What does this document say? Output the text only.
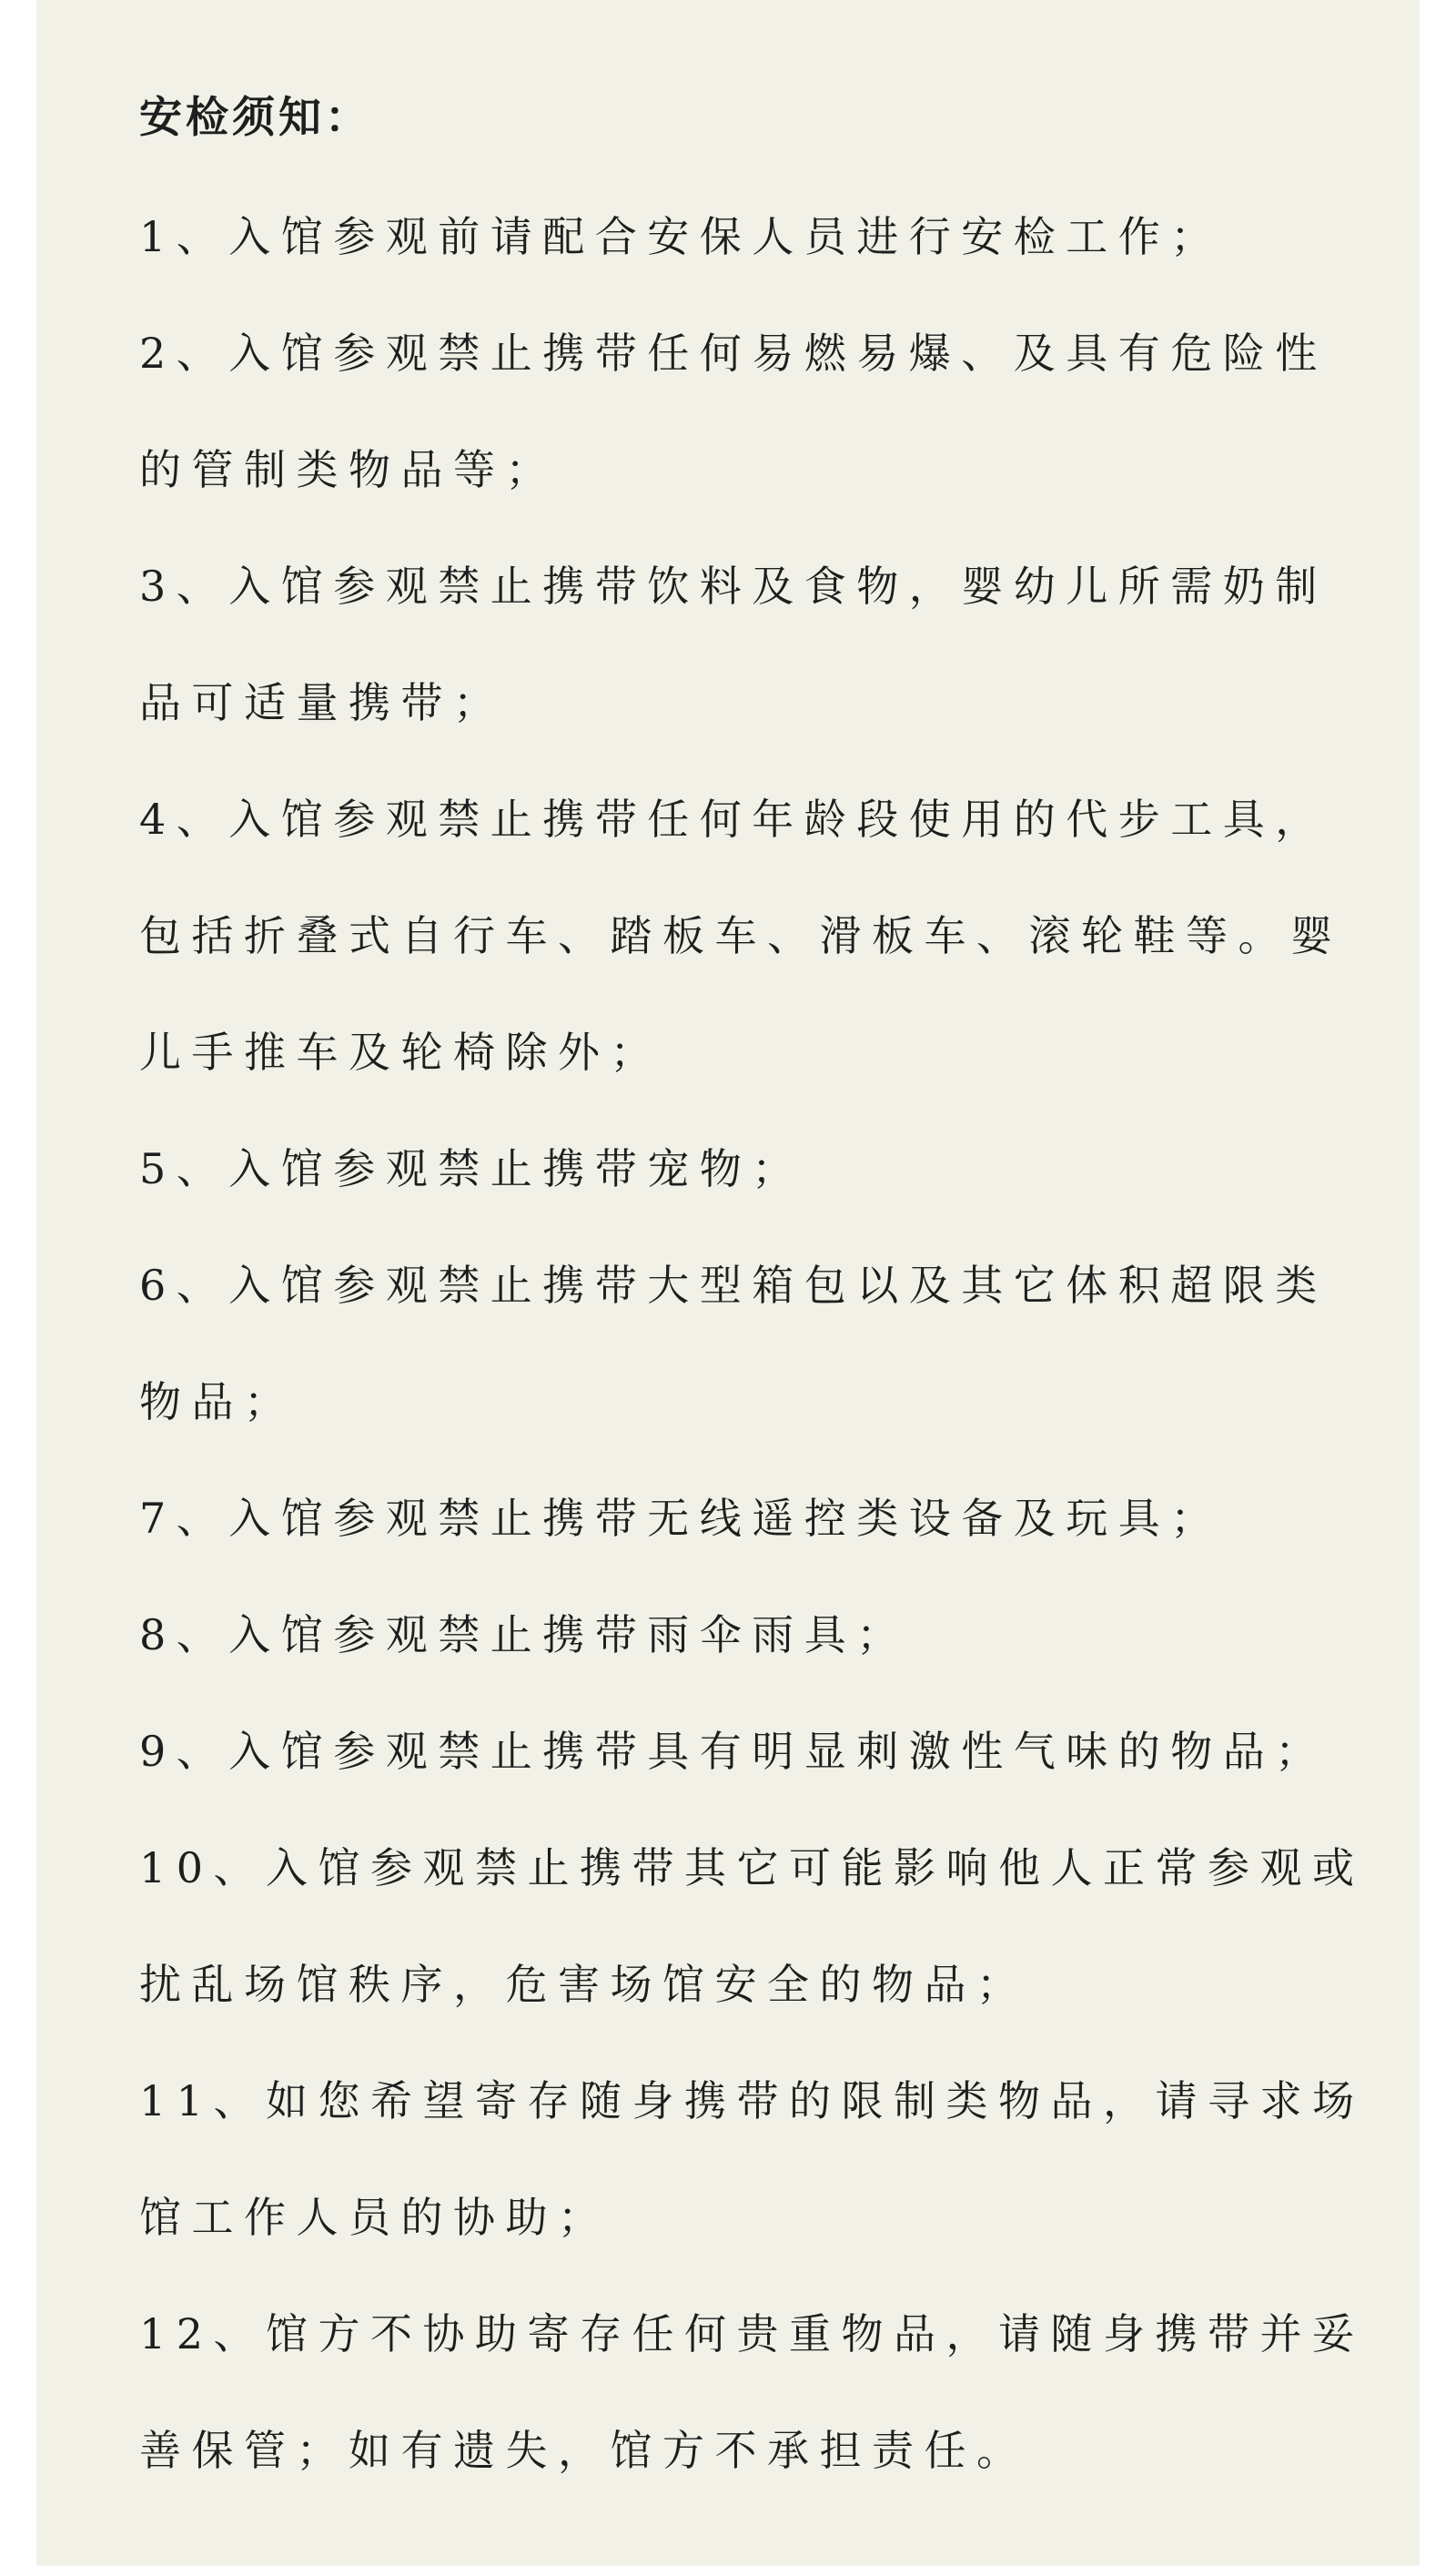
安检须知：

1、入馆参观前请配合安保人员进行安检工作；

2、入馆参观禁止携带任何易燃易爆、及具有危险性

的管制类物品等；

3、入馆参观禁止携带饮料及食物，婴幼儿所需奶制

品可适量携带；

4、入馆参观禁止携带任何年龄段使用的代步工具，

包括折叠式自行车、踏板车、滑板车、滚轮鞋等。婴

儿手推车及轮椅除外；

5、入馆参观禁止携带宠物；

6、入馆参观禁止携带大型箱包以及其它体积超限类

物品；

7、入馆参观禁止携带无线遥控类设备及玩具；

8、入馆参观禁止携带雨伞雨具；

9、入馆参观禁止携带具有明显刺激性气味的物品；

10、入馆参观禁止携带其它可能影响他人正常参观或

扰乱场馆秩序，危害场馆安全的物品；

11、如您希望寄存随身携带的限制类物品，请寻求场

馆工作人员的协助；

12、馆方不协助寄存任何贵重物品，请随身携带并妥

善保管；如有遗失，馆方不承担责任。
